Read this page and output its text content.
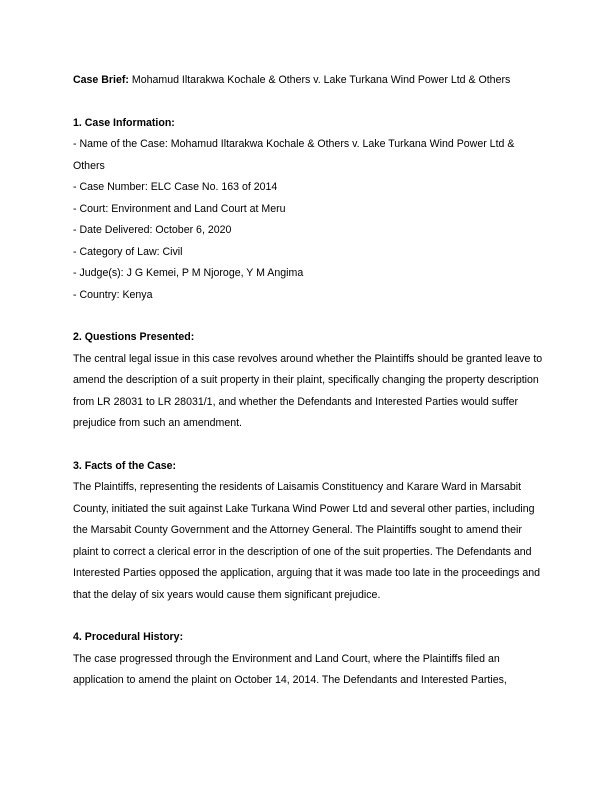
Case Brief: Mohamud Iltarakwa Kochale & Others v. Lake Turkana Wind Power Ltd & Others

1. Case Information:

- Name of the Case: Mohamud Iltarakwa Kochale & Others v. Lake Turkana Wind Power Ltd & Others

- Case Number: ELC Case No. 163 of 2014

- Court: Environment and Land Court at Meru

- Date Delivered: October 6, 2020

- Category of Law: Civil

- Judge(s): J G Kemei, P M Njoroge, Y M Angima

- Country: Kenya

2. Questions Presented:

The central legal issue in this case revolves around whether the Plaintiffs should be granted leave to amend the description of a suit property in their plaint, specifically changing the property description from LR 28031 to LR 28031/1, and whether the Defendants and Interested Parties would suffer prejudice from such an amendment.

3. Facts of the Case:

The Plaintiffs, representing the residents of Laisamis Constituency and Karare Ward in Marsabit County, initiated the suit against Lake Turkana Wind Power Ltd and several other parties, including the Marsabit County Government and the Attorney General. The Plaintiffs sought to amend their plaint to correct a clerical error in the description of one of the suit properties. The Defendants and Interested Parties opposed the application, arguing that it was made too late in the proceedings and that the delay of six years would cause them significant prejudice.

4. Procedural History:

The case progressed through the Environment and Land Court, where the Plaintiffs filed an application to amend the plaint on October 14, 2014. The Defendants and Interested Parties,
